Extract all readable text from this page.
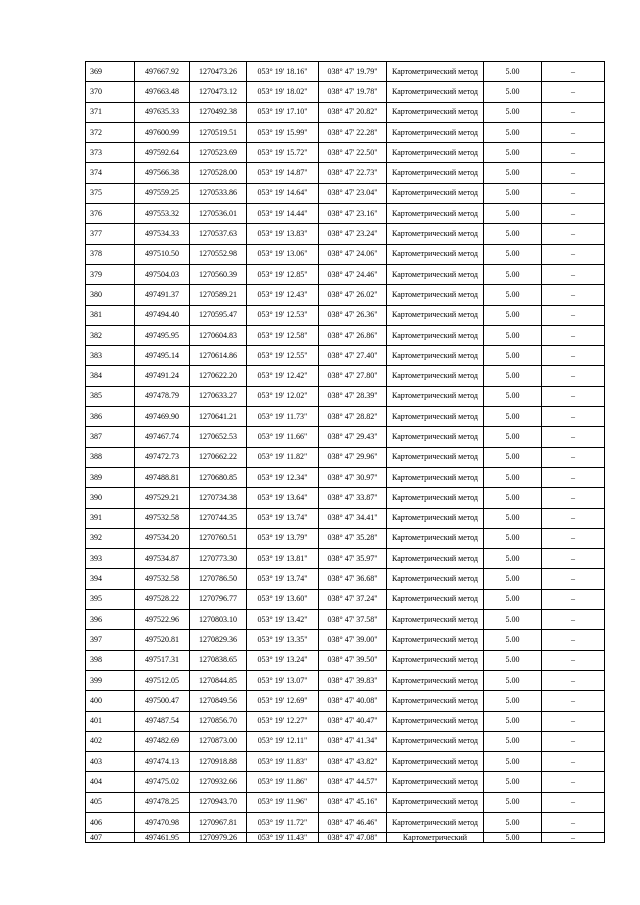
369	497667.92	1270473.26	053° 19' 18.16"	038° 47' 19.79"	Картометрический метод	5.00	–
370	497663.48	1270473.12	053° 19' 18.02"	038° 47' 19.78"	Картометрический метод	5.00	–
371	497635.33	1270492.38	053° 19' 17.10"	038° 47' 20.82"	Картометрический метод	5.00	–
372	497600.99	1270519.51	053° 19' 15.99"	038° 47' 22.28"	Картометрический метод	5.00	–
373	497592.64	1270523.69	053° 19' 15.72"	038° 47' 22.50"	Картометрический метод	5.00	–
374	497566.38	1270528.00	053° 19' 14.87"	038° 47' 22.73"	Картометрический метод	5.00	–
375	497559.25	1270533.86	053° 19' 14.64"	038° 47' 23.04"	Картометрический метод	5.00	–
376	497553.32	1270536.01	053° 19' 14.44"	038° 47' 23.16"	Картометрический метод	5.00	–
377	497534.33	1270537.63	053° 19' 13.83"	038° 47' 23.24"	Картометрический метод	5.00	–
378	497510.50	1270552.98	053° 19' 13.06"	038° 47' 24.06"	Картометрический метод	5.00	–
379	497504.03	1270560.39	053° 19' 12.85"	038° 47' 24.46"	Картометрический метод	5.00	–
380	497491.37	1270589.21	053° 19' 12.43"	038° 47' 26.02"	Картометрический метод	5.00	–
381	497494.40	1270595.47	053° 19' 12.53"	038° 47' 26.36"	Картометрический метод	5.00	–
382	497495.95	1270604.83	053° 19' 12.58"	038° 47' 26.86"	Картометрический метод	5.00	–
383	497495.14	1270614.86	053° 19' 12.55"	038° 47' 27.40"	Картометрический метод	5.00	–
384	497491.24	1270622.20	053° 19' 12.42"	038° 47' 27.80"	Картометрический метод	5.00	–
385	497478.79	1270633.27	053° 19' 12.02"	038° 47' 28.39"	Картометрический метод	5.00	–
386	497469.90	1270641.21	053° 19' 11.73"	038° 47' 28.82"	Картометрический метод	5.00	–
387	497467.74	1270652.53	053° 19' 11.66"	038° 47' 29.43"	Картометрический метод	5.00	–
388	497472.73	1270662.22	053° 19' 11.82"	038° 47' 29.96"	Картометрический метод	5.00	–
389	497488.81	1270680.85	053° 19' 12.34"	038° 47' 30.97"	Картометрический метод	5.00	–
390	497529.21	1270734.38	053° 19' 13.64"	038° 47' 33.87"	Картометрический метод	5.00	–
391	497532.58	1270744.35	053° 19' 13.74"	038° 47' 34.41"	Картометрический метод	5.00	–
392	497534.20	1270760.51	053° 19' 13.79"	038° 47' 35.28"	Картометрический метод	5.00	–
393	497534.87	1270773.30	053° 19' 13.81"	038° 47' 35.97"	Картометрический метод	5.00	–
394	497532.58	1270786.50	053° 19' 13.74"	038° 47' 36.68"	Картометрический метод	5.00	–
395	497528.22	1270796.77	053° 19' 13.60"	038° 47' 37.24"	Картометрический метод	5.00	–
396	497522.96	1270803.10	053° 19' 13.42"	038° 47' 37.58"	Картометрический метод	5.00	–
397	497520.81	1270829.36	053° 19' 13.35"	038° 47' 39.00"	Картометрический метод	5.00	–
398	497517.31	1270838.65	053° 19' 13.24"	038° 47' 39.50"	Картометрический метод	5.00	–
399	497512.05	1270844.85	053° 19' 13.07"	038° 47' 39.83"	Картометрический метод	5.00	–
400	497500.47	1270849.56	053° 19' 12.69"	038° 47' 40.08"	Картометрический метод	5.00	–
401	497487.54	1270856.70	053° 19' 12.27"	038° 47' 40.47"	Картометрический метод	5.00	–
402	497482.69	1270873.00	053° 19' 12.11"	038° 47' 41.34"	Картометрический метод	5.00	–
403	497474.13	1270918.88	053° 19' 11.83"	038° 47' 43.82"	Картометрический метод	5.00	–
404	497475.02	1270932.66	053° 19' 11.86"	038° 47' 44.57"	Картометрический метод	5.00	–
405	497478.25	1270943.70	053° 19' 11.96"	038° 47' 45.16"	Картометрический метод	5.00	–
406	497470.98	1270967.81	053° 19' 11.72"	038° 47' 46.46"	Картометрический метод	5.00	–
407	497461.95	1270979.26	053° 19' 11.43"	038° 47' 47.08"	Картометрический	5.00	–
